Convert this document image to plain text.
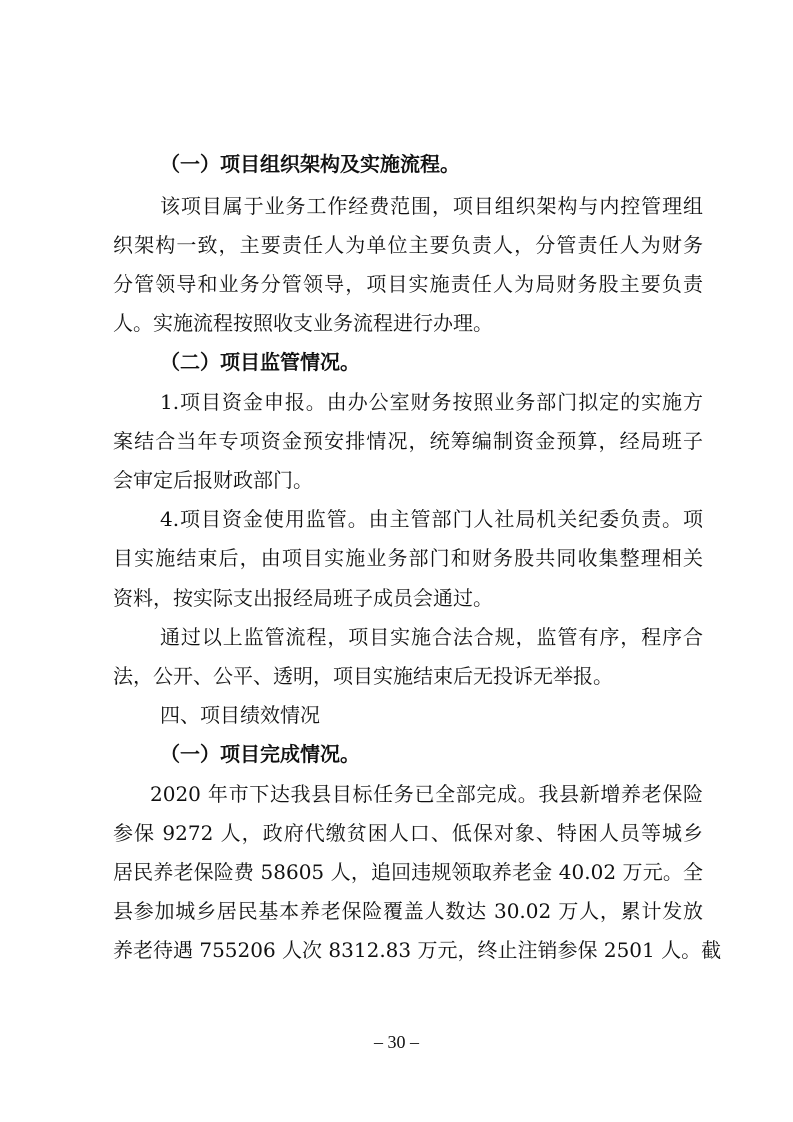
（一）项目组织架构及实施流程。
该项目属于业务工作经费范围，项目组织架构与内控管理组
织架构一致，主要责任人为单位主要负责人，分管责任人为财务
分管领导和业务分管领导，项目实施责任人为局财务股主要负责
人。实施流程按照收支业务流程进行办理。
（二）项目监管情况。
1.项目资金申报。由办公室财务按照业务部门拟定的实施方
案结合当年专项资金预安排情况，统筹编制资金预算，经局班子
会审定后报财政部门。
4.项目资金使用监管。由主管部门人社局机关纪委负责。项
目实施结束后，由项目实施业务部门和财务股共同收集整理相关
资料，按实际支出报经局班子成员会通过。
通过以上监管流程，项目实施合法合规，监管有序，程序合
法，公开、公平、透明，项目实施结束后无投诉无举报。
四、项目绩效情况
（一）项目完成情况。
2020 年市下达我县目标任务已全部完成。我县新增养老保险
参保 9272 人，政府代缴贫困人口、低保对象、特困人员等城乡
居民养老保险费 58605 人，追回违规领取养老金 40.02 万元。全
县参加城乡居民基本养老保险覆盖人数达 30.02 万人，累计发放
养老待遇 755206 人次 8312.83 万元，终止注销参保 2501 人。截
– 30 –
